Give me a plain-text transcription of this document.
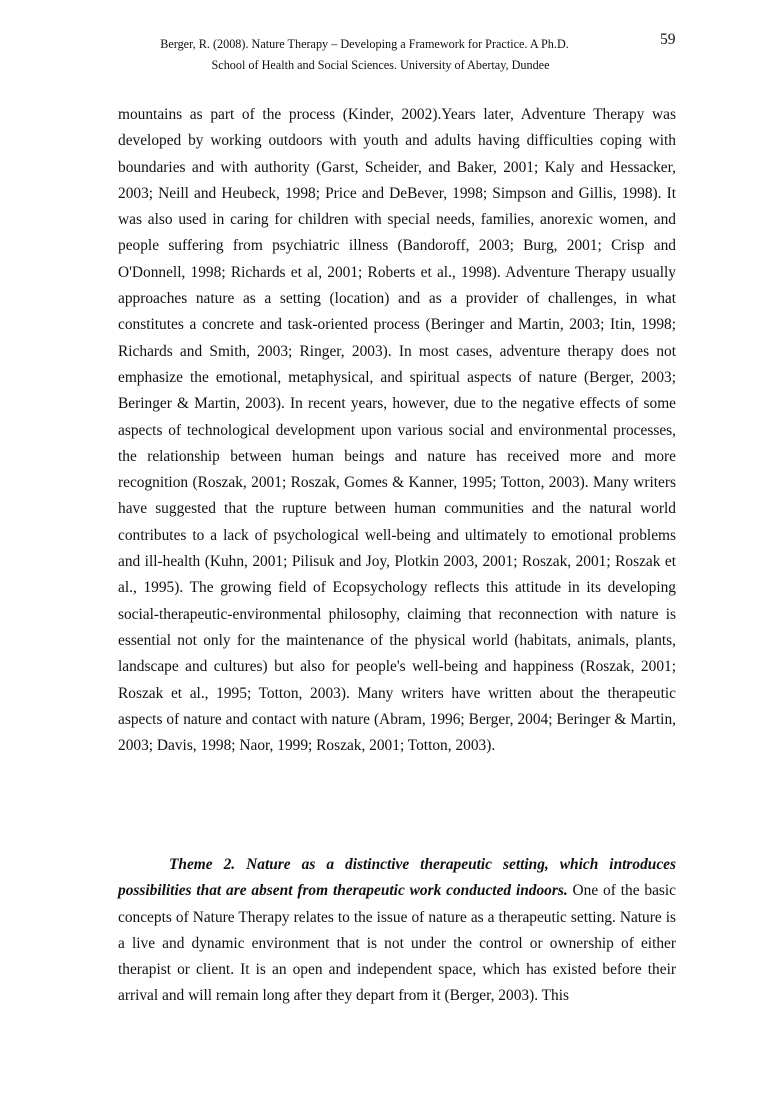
Berger, R. (2008). Nature Therapy – Developing a Framework for Practice. A Ph.D.
School of Health and Social Sciences. University of Abertay, Dundee
59

mountains as part of the process (Kinder, 2002).Years later, Adventure Therapy was developed by working outdoors with youth and adults having difficulties coping with boundaries and with authority (Garst, Scheider, and Baker, 2001; Kaly and Hessacker, 2003; Neill and Heubeck, 1998; Price and DeBever, 1998; Simpson and Gillis, 1998). It was also used in caring for children with special needs, families, anorexic women, and people suffering from psychiatric illness (Bandoroff, 2003; Burg, 2001; Crisp and O'Donnell, 1998; Richards et al, 2001; Roberts et al., 1998). Adventure Therapy usually approaches nature as a setting (location) and as a provider of challenges, in what constitutes a concrete and task-oriented process (Beringer and Martin, 2003; Itin, 1998; Richards and Smith, 2003; Ringer, 2003). In most cases, adventure therapy does not emphasize the emotional, metaphysical, and spiritual aspects of nature (Berger, 2003; Beringer & Martin, 2003). In recent years, however, due to the negative effects of some aspects of technological development upon various social and environmental processes, the relationship between human beings and nature has received more and more recognition (Roszak, 2001; Roszak, Gomes & Kanner, 1995; Totton, 2003). Many writers have suggested that the rupture between human communities and the natural world contributes to a lack of psychological well-being and ultimately to emotional problems and ill-health (Kuhn, 2001; Pilisuk and Joy, Plotkin 2003, 2001; Roszak, 2001; Roszak et al., 1995). The growing field of Ecopsychology reflects this attitude in its developing social-therapeutic-environmental philosophy, claiming that reconnection with nature is essential not only for the maintenance of the physical world (habitats, animals, plants, landscape and cultures) but also for people's well-being and happiness (Roszak, 2001; Roszak et al., 1995; Totton, 2003). Many writers have written about the therapeutic aspects of nature and contact with nature (Abram, 1996; Berger, 2004; Beringer & Martin, 2003; Davis, 1998; Naor, 1999; Roszak, 2001; Totton, 2003).

Theme 2. Nature as a distinctive therapeutic setting, which introduces possibilities that are absent from therapeutic work conducted indoors. One of the basic concepts of Nature Therapy relates to the issue of nature as a therapeutic setting. Nature is a live and dynamic environment that is not under the control or ownership of either therapist or client. It is an open and independent space, which has existed before their arrival and will remain long after they depart from it (Berger, 2003). This
